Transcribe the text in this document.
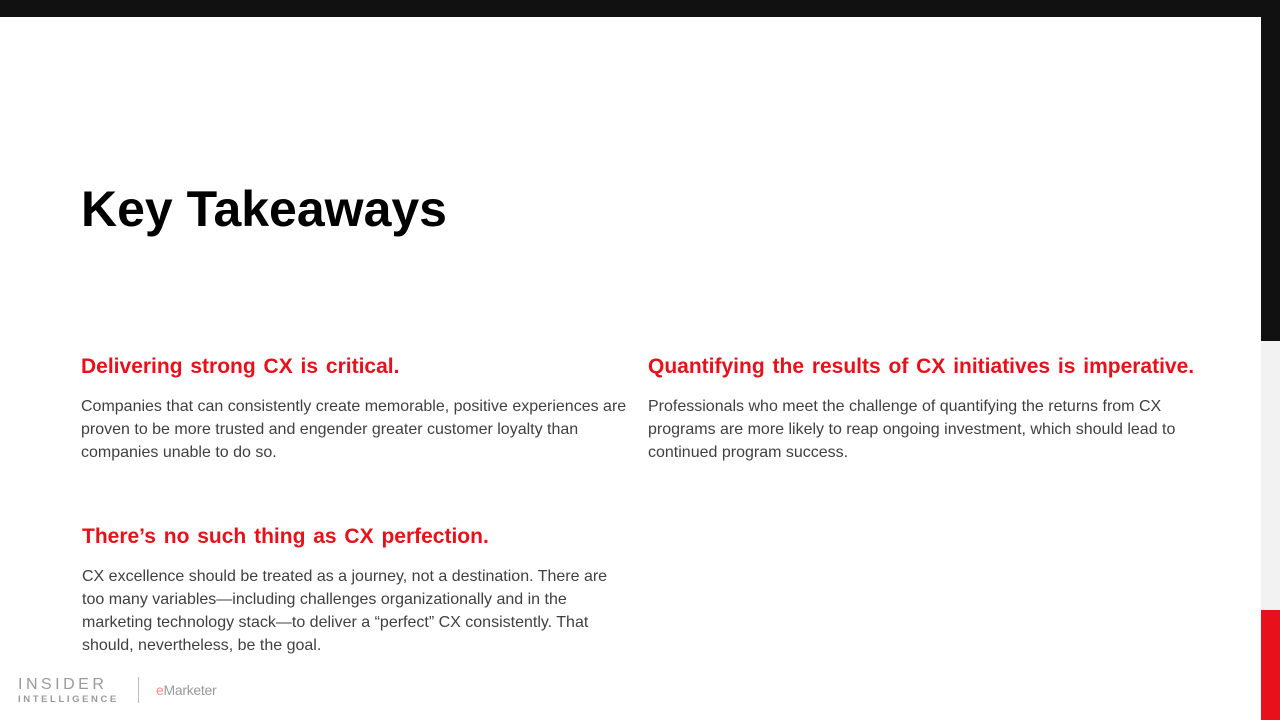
Key Takeaways
Delivering strong CX is critical.

Companies that can consistently create memorable, positive experiences are proven to be more trusted and engender greater customer loyalty than companies unable to do so.

Quantifying the results of CX initiatives is imperative.

Professionals who meet the challenge of quantifying the returns from CX programs are more likely to reap ongoing investment, which should lead to continued program success.

There’s no such thing as CX perfection.

CX excellence should be treated as a journey, not a destination. There are too many variables—including challenges organizationally and in the marketing technology stack—to deliver a “perfect” CX consistently. That should, nevertheless, be the goal.

INSIDER
INTELLIGENCE
eMarketer
